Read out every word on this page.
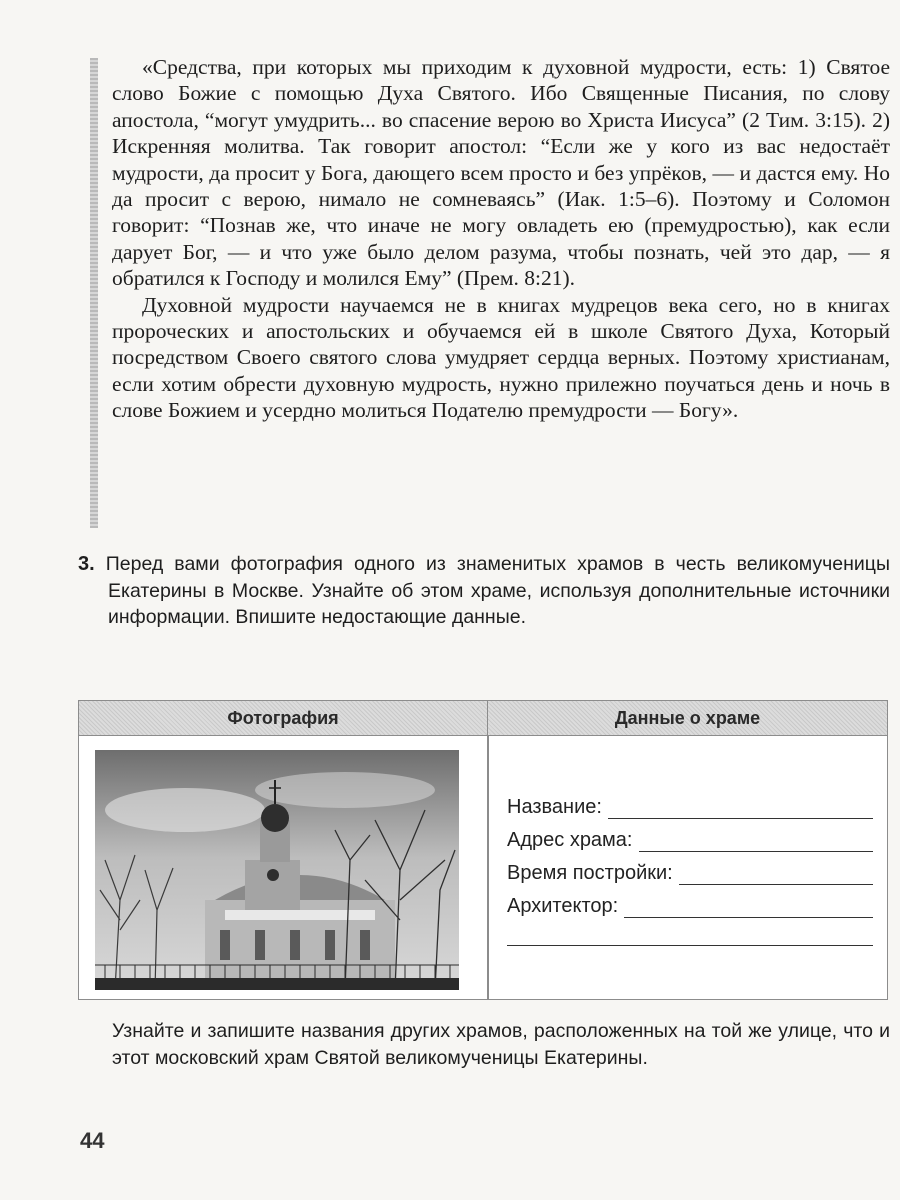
«Средства, при которых мы приходим к духовной мудрости, есть: 1) Святое слово Божие с помощью Духа Святого. Ибо Священные Писания, по слову апостола, “могут умудрить... во спасение верою во Христа Иисуса” (2 Тим. 3:15). 2) Искренняя молитва. Так говорит апостол: “Если же у кого из вас недостаёт мудрости, да просит у Бога, дающего всем просто и без упрёков, — и дастся ему. Но да просит с верою, нимало не сомневаясь” (Иак. 1:5–6). Поэтому и Соломон говорит: “Познав же, что иначе не могу овладеть ею (премудростью), как если дарует Бог, — и что уже было делом разума, чтобы познать, чей это дар, — я обратился к Господу и молился Ему” (Прем. 8:21).

Духовной мудрости научаемся не в книгах мудрецов века сего, но в книгах пророческих и апостольских и обучаемся ей в школе Святого Духа, Который посредством Своего святого слова умудряет сердца верных. Поэтому христианам, если хотим обрести духовную мудрость, нужно прилежно поучаться день и ночь в слове Божием и усердно молиться Подателю премудрости — Богу».

3. Перед вами фотография одного из знаменитых храмов в честь великомученицы Екатерины в Москве. Узнайте об этом храме, используя дополнительные источники информации. Впишите недостающие данные.
Фотография	Данные о храме
Название:
Адрес храма:
Время постройки:
Архитектор:
Узнайте и запишите названия других храмов, расположенных на той же улице, что и этот московский храм Святой великомученицы Екатерины.
44
